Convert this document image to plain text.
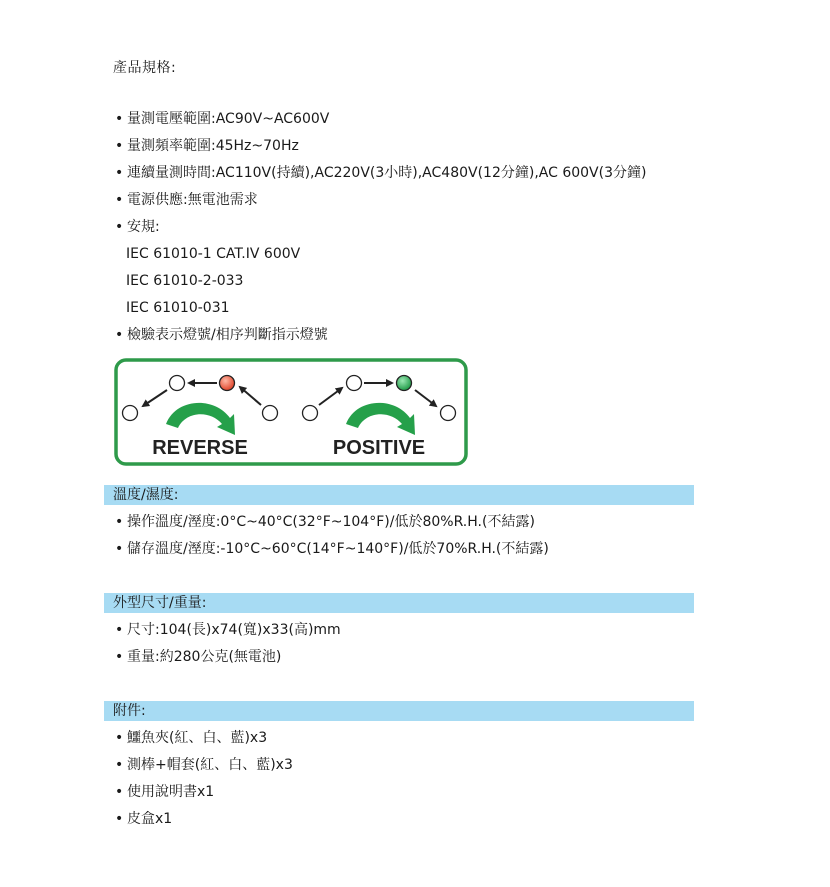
產品規格:
• 量測電壓範圍:AC90V~AC600V
• 量測頻率範圍:45Hz~70Hz
• 連續量測時間:AC110V(持續),AC220V(3小時),AC480V(12分鐘),AC 600V(3分鐘)
• 電源供應:無電池需求
• 安規:
IEC 61010-1 CAT.IV 600V
IEC 61010-2-033
IEC 61010-031
• 檢驗表示燈號/相序判斷指示燈號
REVERSE	POSITIVE
溫度/濕度:
• 操作溫度/溼度:0°C~40°C(32°F~104°F)/低於80%R.H.(不結露)
• 儲存溫度/溼度:-10°C~60°C(14°F~140°F)/低於70%R.H.(不結露)
外型尺寸/重量:
• 尺寸:104(長)x74(寬)x33(高)mm
• 重量:約280公克(無電池)
附件:
• 鱷魚夾(紅、白、藍)x3
• 測棒+帽套(紅、白、藍)x3
• 使用說明書x1
• 皮盒x1
